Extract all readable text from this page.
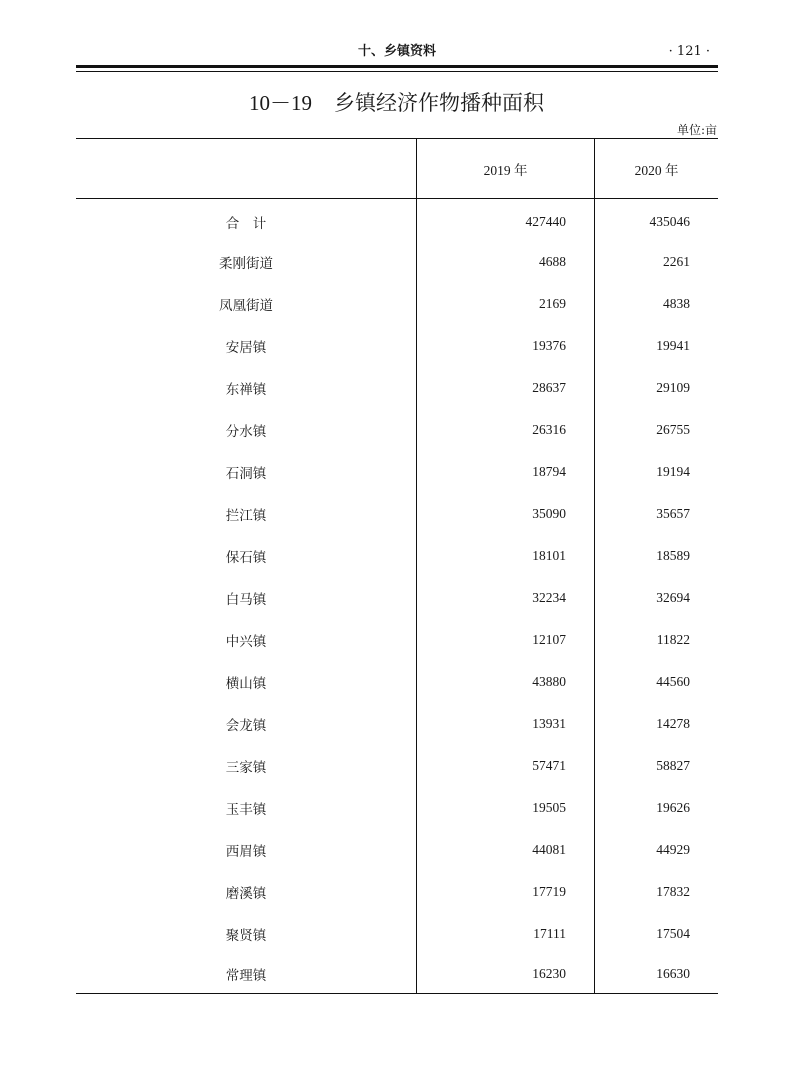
十、乡镇资料	· 121 ·
10－19 乡镇经济作物播种面积
单位:亩
	2019 年	2020 年
合　计	427440	435046
柔刚街道	4688	2261
凤凰街道	2169	4838
安居镇	19376	19941
东禅镇	28637	29109
分水镇	26316	26755
石洞镇	18794	19194
拦江镇	35090	35657
保石镇	18101	18589
白马镇	32234	32694
中兴镇	12107	11822
横山镇	43880	44560
会龙镇	13931	14278
三家镇	57471	58827
玉丰镇	19505	19626
西眉镇	44081	44929
磨溪镇	17719	17832
聚贤镇	17111	17504
常理镇	16230	16630
